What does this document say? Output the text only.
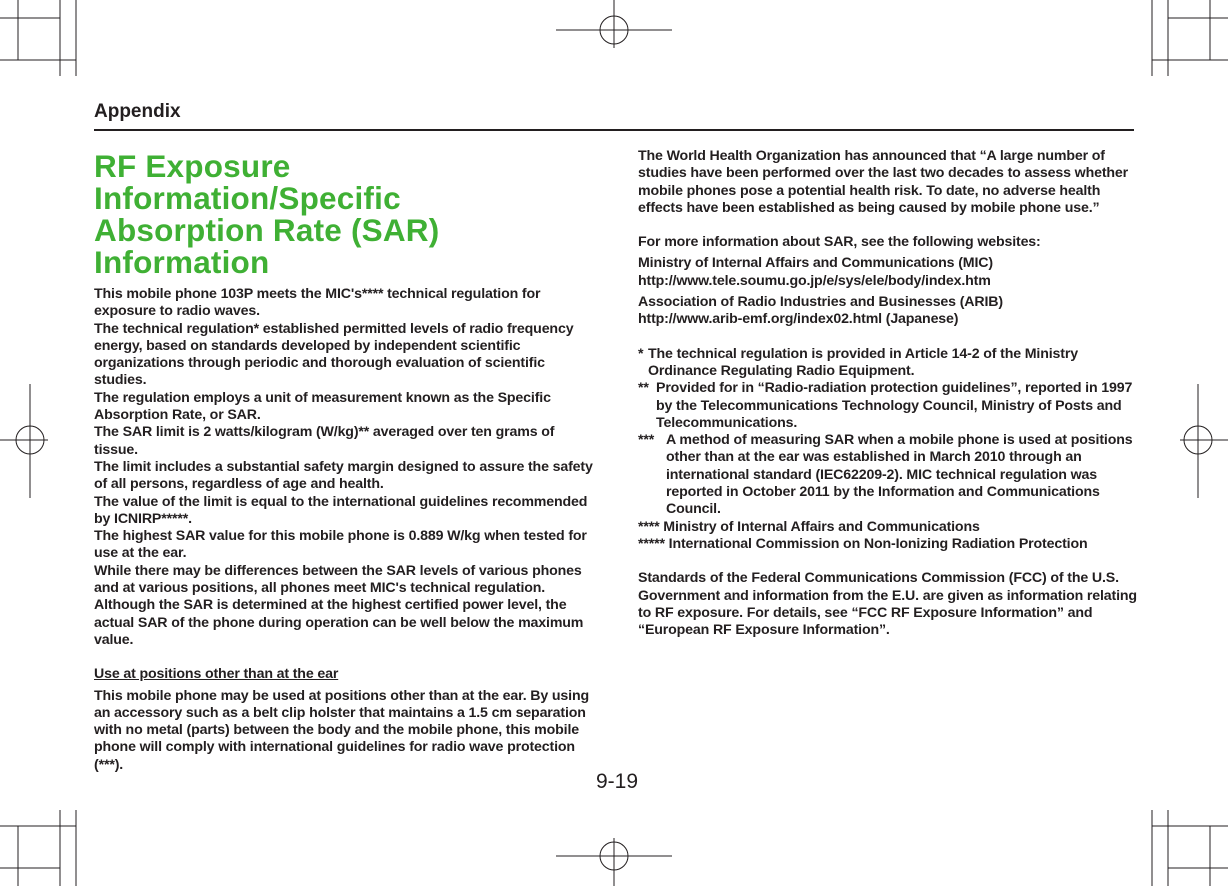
Appendix
RF Exposure Information/Specific
Absorption Rate (SAR) Information

This mobile phone 103P meets the MIC's**** technical regulation for exposure to radio waves.

The technical regulation* established permitted levels of radio frequency energy, based on standards developed by independent scientific organizations through periodic and thorough evaluation of scientific studies.

The regulation employs a unit of measurement known as the Specific Absorption Rate, or SAR.

The SAR limit is 2 watts/kilogram (W/kg)** averaged over ten grams of tissue.

The limit includes a substantial safety margin designed to assure the safety of all persons, regardless of age and health.

The value of the limit is equal to the international guidelines recommended by ICNIRP*****.

The highest SAR value for this mobile phone is 0.889 W/kg when tested for use at the ear.

While there may be differences between the SAR levels of various phones and at various positions, all phones meet MIC's technical regulation.

Although the SAR is determined at the highest certified power level, the actual SAR of the phone during operation can be well below the maximum value.

Use at positions other than at the ear

This mobile phone may be used at positions other than at the ear. By using an accessory such as a belt clip holster that maintains a 1.5 cm separation with no metal (parts) between the body and the mobile phone, this mobile phone will comply with international guidelines for radio wave protection (***).

The World Health Organization has announced that “A large number of studies have been performed over the last two decades to assess whether mobile phones pose a potential health risk. To date, no adverse health effects have been established as being caused by mobile phone use.”

For more information about SAR, see the following websites:

Ministry of Internal Affairs and Communications (MIC)

http://www.tele.soumu.go.jp/e/sys/ele/body/index.htm

Association of Radio Industries and Businesses (ARIB)

http://www.arib-emf.org/index02.html (Japanese)

* The technical regulation is provided in Article 14-2 of the Ministry Ordinance Regulating Radio Equipment.

** Provided for in “Radio-radiation protection guidelines”, reported in 1997 by the Telecommunications Technology Council, Ministry of Posts and Telecommunications.

*** A method of measuring SAR when a mobile phone is used at positions other than at the ear was established in March 2010 through an international standard (IEC62209-2). MIC technical regulation was reported in October 2011 by the Information and Communications Council.

**** Ministry of Internal Affairs and Communications

***** International Commission on Non-Ionizing Radiation Protection

Standards of the Federal Communications Commission (FCC) of the U.S. Government and information from the E.U. are given as information relating to RF exposure. For details, see “FCC RF Exposure Information” and “European RF Exposure Information”.

9-19
